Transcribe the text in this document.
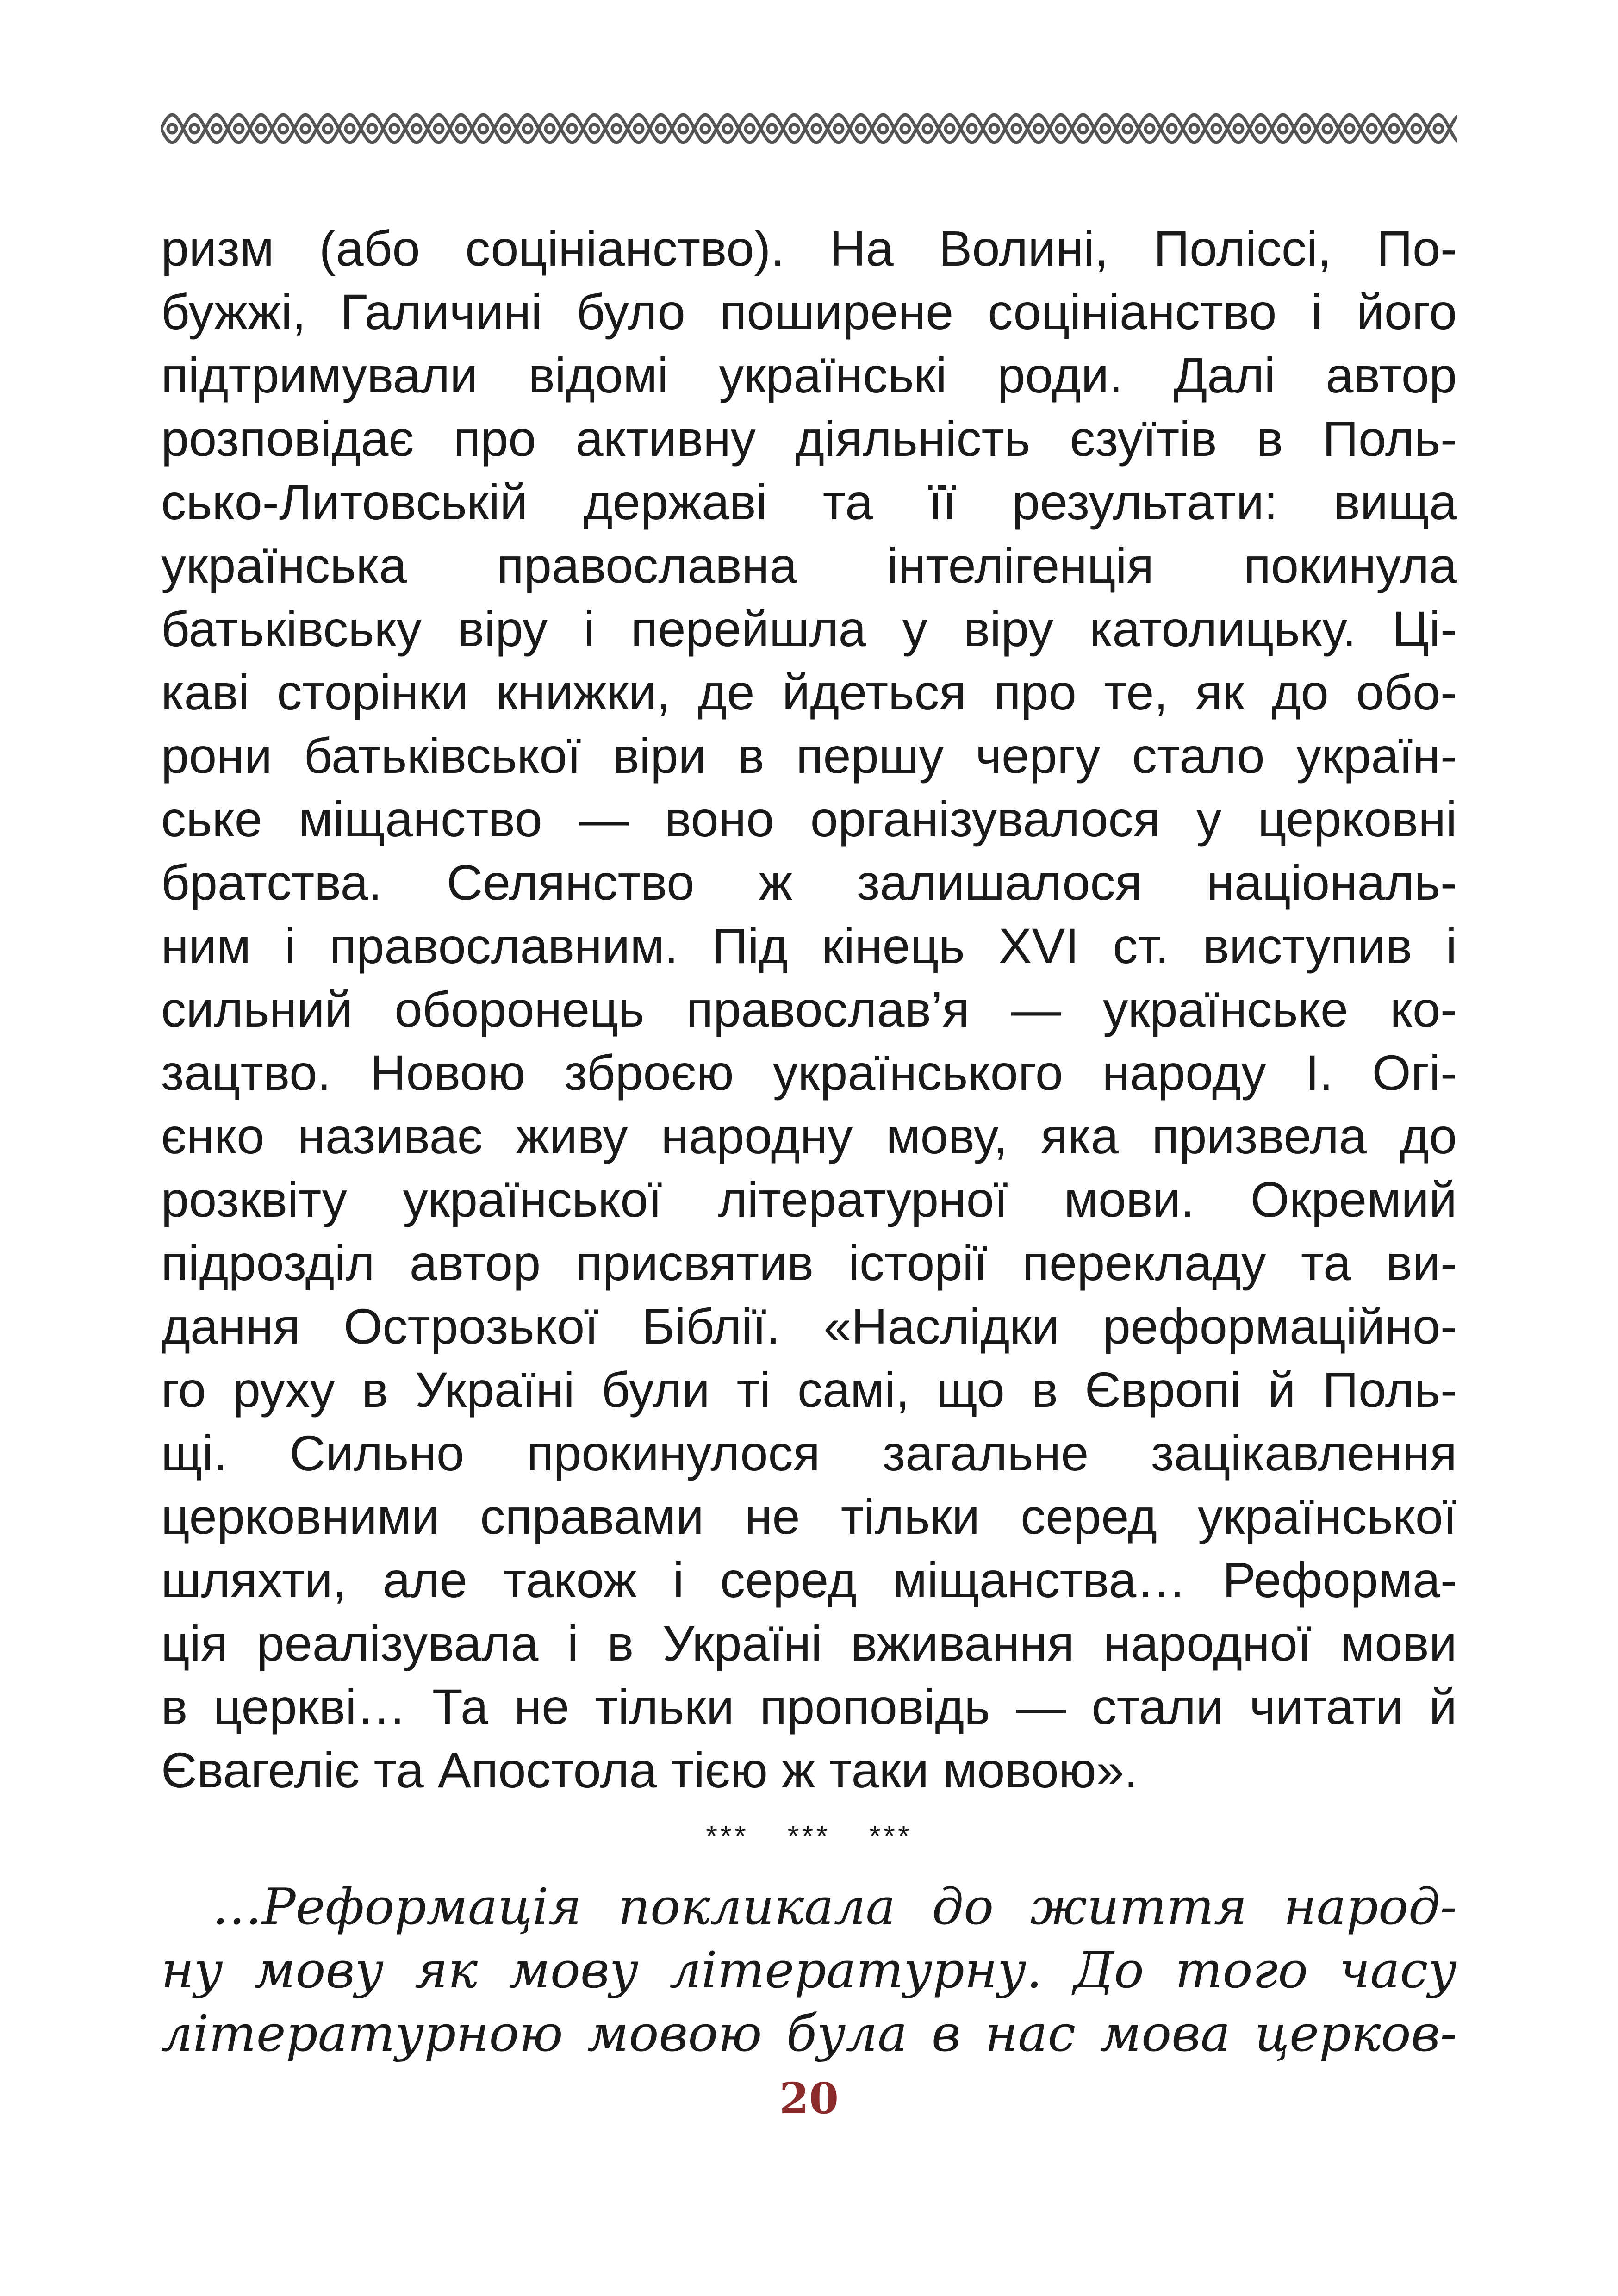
ризм (або соцініанство). На Волині, Поліссі, По-
бужжі, Галичині було поширене соцініанство і його
підтримували відомі українські роди. Далі автор
розповідає про активну діяльність єзуїтів в Поль-
сько-Литовській державі та її результати: вища
українська православна інтелігенція покинула
батьківську віру і перейшла у віру католицьку. Ці-
каві сторінки книжки, де йдеться про те, як до обо-
рони батьківської віри в першу чергу стало україн-
ське міщанство — воно організувалося у церковні
братства. Селянство ж залишалося національ-
ним і православним. Під кінець XVI ст. виступив і
сильний оборонець православ’я — українське ко-
зацтво. Новою зброєю українського народу І. Огі-
єнко називає живу народну мову, яка призвела до
розквіту української літературної мови. Окремий
підрозділ автор присвятив історії перекладу та ви-
дання Острозької Біблії. «Наслідки реформаційно-
го руху в Україні були ті самі, що в Європі й Поль-
щі. Сильно прокинулося загальне зацікавлення
церковними справами не тільки серед української
шляхти, але також і серед міщанства… Реформа-
ція реалізувала і в Україні вживання народної мови
в церкві… Та не тільки проповідь — стали читати й
Євагеліє та Апостола тією ж таки мовою».
*** *** ***
…Реформація покликала до життя народ-
ну мову як мову літературну. До того часу
літературною мовою була в нас мова церков-
20
